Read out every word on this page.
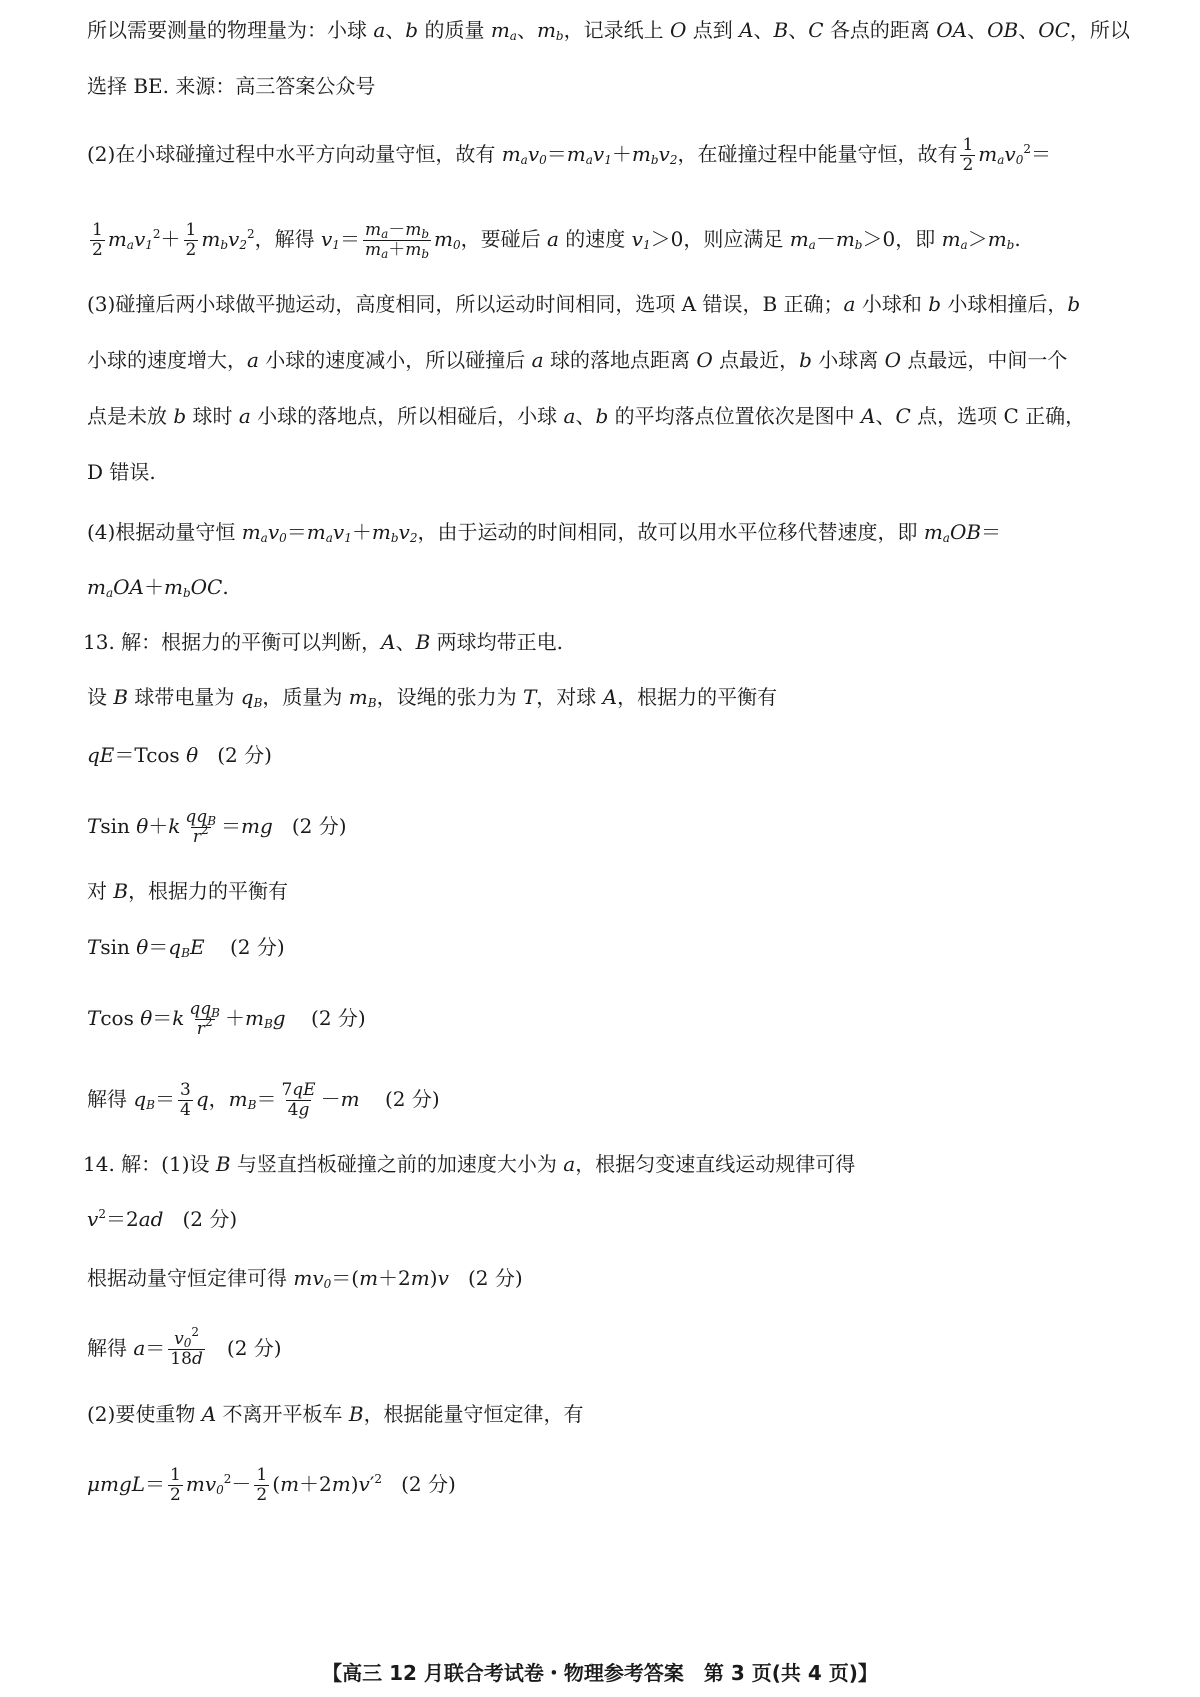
所以需要测量的物理量为：小球 a、b 的质量 $m_a$、$m_b$，记录纸上 O 点到 A、B、C 各点的距离 OA、OB、OC，所以
选择 BE. 来源：高三答案公众号
(2)在小球碰撞过程中水平方向动量守恒，故有 $m_av_0=m_av_1+m_bv_2$，在碰撞过程中能量守恒，故有 $\frac{1}{2} m_av_0^2=$
$\frac{1}{2} m_av_1^2+ \frac{1}{2} m_bv_2^2$，解得 $v_1= \frac{m_a-m_b}{m_a+m_b} m_0$，要碰后 a 的速度 $v_1>0$，则应满足 $m_a-m_b>0$，即 $m_a>m_b$.
(3)碰撞后两小球做平抛运动，高度相同，所以运动时间相同，选项 A 错误，B 正确；a 小球和 b 小球相撞后，b
小球的速度增大，a 小球的速度减小，所以碰撞后 a 球的落地点距离 O 点最近，b 小球离 O 点最远，中间一个
点是未放 b 球时 a 小球的落地点，所以相碰后，小球 a、b 的平均落点位置依次是图中 A、C 点，选项 C 正确，
D 错误.
(4)根据动量守恒 $m_av_0=m_av_1+m_bv_2$，由于运动的时间相同，故可以用水平位移代替速度，即 $m_aOB=$
$m_aOA+m_bOC$.
13. 解：根据力的平衡可以判断，A、B 两球均带正电.
设 B 球带电量为 $q_B$，质量为 $m_B$，设绳的张力为 T，对球 A，根据力的平衡有
qE＝Tcos θ (2 分)
Tsin $\theta+k \frac{qq_B}{r^2} =mg$ (2 分)
对 B，根据力的平衡有
Tsin $\theta=q_BE$ (2 分)
Tcos $\theta=k \frac{qq_B}{r^2} +m_Bg$ (2 分)
解得 $q_B= \frac{3}{4}$ q，$m_B= \frac{7qE}{4g} -m$ (2 分)
14. 解：(1)设 B 与竖直挡板碰撞之前的加速度大小为 a，根据匀变速直线运动规律可得
$v^2=2ad$ (2 分)
根据动量守恒定律可得 $mv_0=(m+2m)v$ (2 分)
解得 $a= \frac{v_0^2}{18d} (2$ 分)
(2)要使重物 A 不离开平板车 B，根据能量守恒定律，有
$\mu mgL= \frac{1}{2} mv_0^2- \frac{1}{2} (m+2m)v'^2$ (2 分)
【高三 12 月联合考试卷・物理参考答案　第 3 页(共 4 页)】
